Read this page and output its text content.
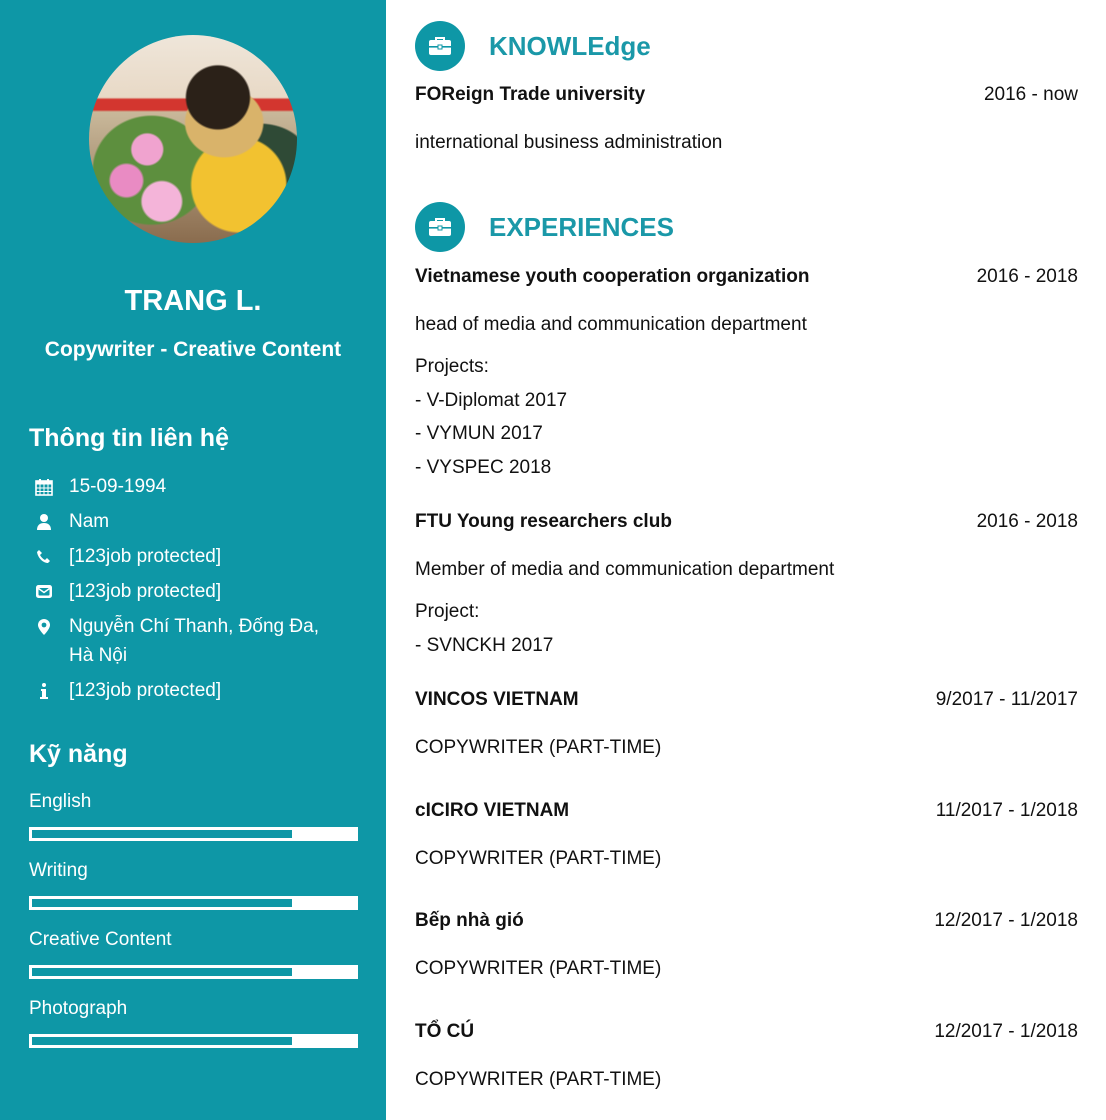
TRANG L.
Copywriter - Creative Content
Thông tin liên hệ
15-09-1994
Nam
[123job protected]
[123job protected]
Nguyễn Chí Thanh, Đống Đa, Hà Nội
[123job protected]
Kỹ năng
English
Writing
Creative Content
Photograph
KNOWLEdge
FOReign Trade university	2016 - now
international business administration
EXPERIENCES
Vietnamese youth cooperation organization	2016 - 2018
head of media and communication department
Projects:
- V-Diplomat 2017
- VYMUN 2017
- VYSPEC 2018
FTU Young researchers club	2016 - 2018
Member of media and communication department
Project:
- SVNCKH 2017
VINCOS VIETNAM	9/2017 - 11/2017
COPYWRITER (PART-TIME)
cICIRO VIETNAM	11/2017 - 1/2018
COPYWRITER (PART-TIME)
Bếp nhà gió	12/2017 - 1/2018
COPYWRITER (PART-TIME)
TỔ CÚ	12/2017 - 1/2018
COPYWRITER (PART-TIME)
